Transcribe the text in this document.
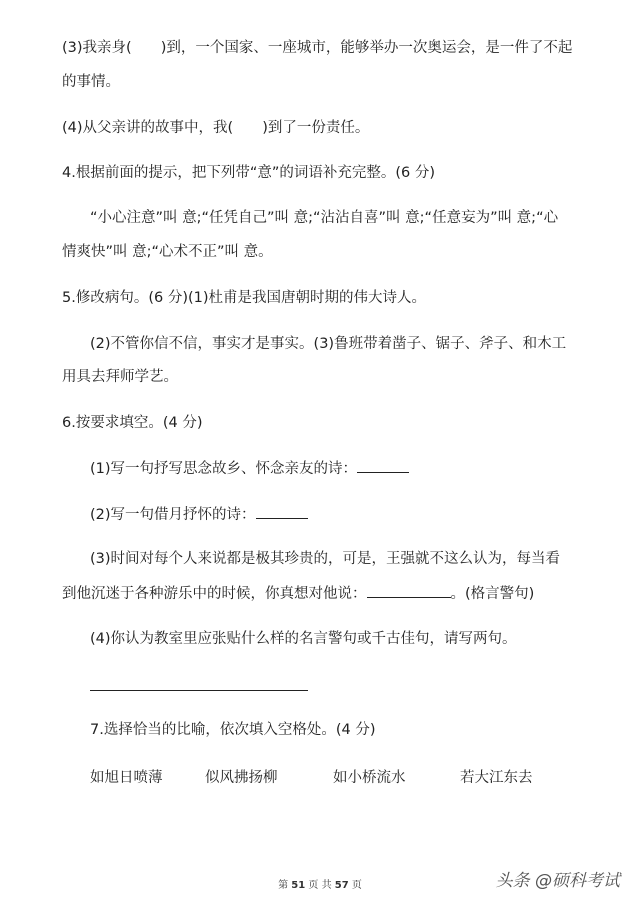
(3)我亲身(　　)到，一个国家、一座城市，能够举办一次奥运会，是一件了不起
的事情。
(4)从父亲讲的故事中，我(　　)到了一份责任。
4.根据前面的提示，把下列带“意”的词语补充完整。(6 分)
“小心注意”叫 意;“任凭自己”叫 意;“沾沾自喜”叫 意;“任意妄为”叫 意;“心
情爽快”叫 意;“心术不正”叫 意。
5.修改病句。(6 分)(1)杜甫是我国唐朝时期的伟大诗人。
(2)不管你信不信，事实才是事实。(3)鲁班带着凿子、锯子、斧子、和木工
用具去拜师学艺。
6.按要求填空。(4 分)
(1)写一句抒写思念故乡、怀念亲友的诗：
(2)写一句借月抒怀的诗：
(3)时间对每个人来说都是极其珍贵的，可是，王强就不这么认为，每当看
到他沉迷于各种游乐中的时候，你真想对他说：	。(格言警句)
(4)你认为教室里应张贴什么样的名言警句或千古佳句，请写两句。
7.选择恰当的比喻，依次填入空格处。(4 分)
如旭日喷薄	似风拂扬柳	如小桥流水	若大江东去
第 51 页 共 57 页	头条 @硕科考试
